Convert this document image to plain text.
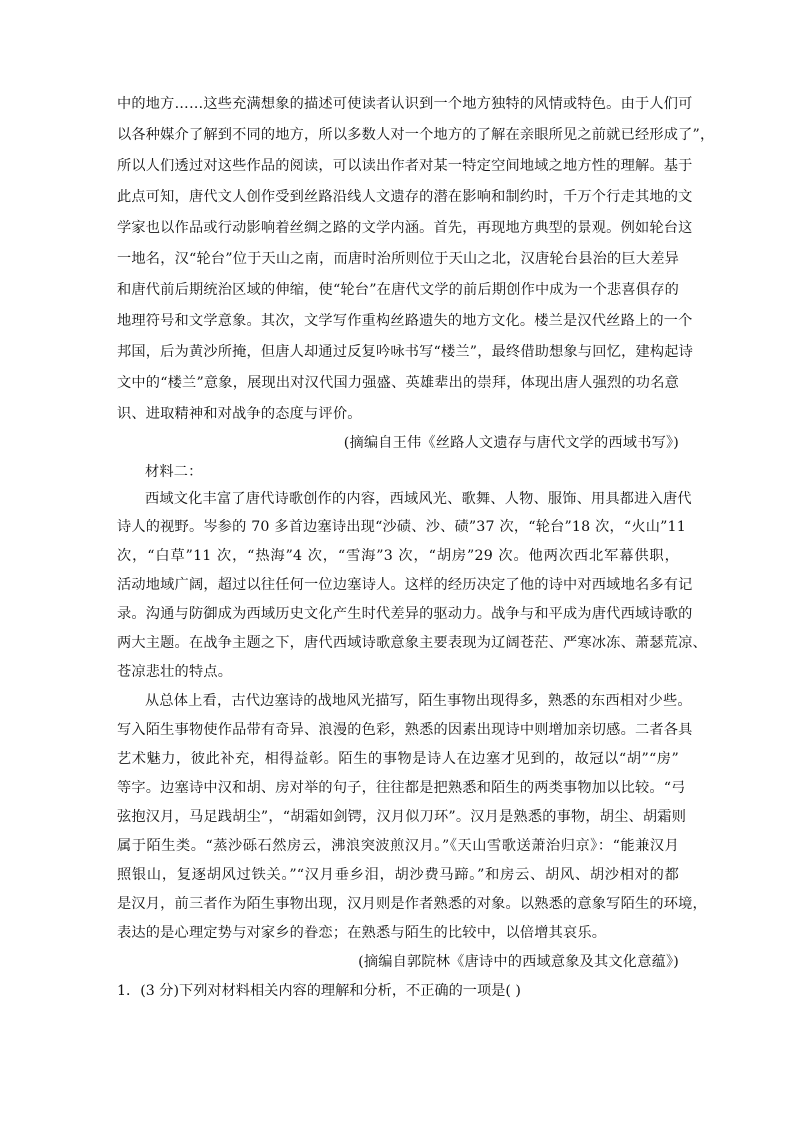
中的地方……这些充满想象的描述可使读者认识到一个地方独特的风情或特色。由于人们可
以各种媒介了解到不同的地方，所以多数人对一个地方的了解在亲眼所见之前就已经形成了”，
所以人们透过对这些作品的阅读，可以读出作者对某一特定空间地域之地方性的理解。基于
此点可知，唐代文人创作受到丝路沿线人文遗存的潜在影响和制约时，千万个行走其地的文
学家也以作品或行动影响着丝绸之路的文学内涵。首先，再现地方典型的景观。例如轮台这
一地名，汉“轮台”位于天山之南，而唐时治所则位于天山之北，汉唐轮台县治的巨大差异
和唐代前后期统治区域的伸缩，使“轮台”在唐代文学的前后期创作中成为一个悲喜俱存的
地理符号和文学意象。其次，文学写作重构丝路遗失的地方文化。楼兰是汉代丝路上的一个
邦国，后为黄沙所掩，但唐人却通过反复吟咏书写“楼兰”，最终借助想象与回忆，建构起诗
文中的“楼兰”意象，展现出对汉代国力强盛、英雄辈出的崇拜，体现出唐人强烈的功名意
识、进取精神和对战争的态度与评价。
(摘编自王伟《丝路人文遗存与唐代文学的西域书写》)
材料二：
西域文化丰富了唐代诗歌创作的内容，西域风光、歌舞、人物、服饰、用具都进入唐代
诗人的视野。岑参的 70 多首边塞诗出现“沙碛、沙、碛”37 次，“轮台”18 次，“火山”11
次，“白草”11 次，“热海”4 次，“雪海”3 次，“胡房”29 次。他两次西北军幕供职，
活动地域广阔，超过以往任何一位边塞诗人。这样的经历决定了他的诗中对西域地名多有记
录。沟通与防御成为西域历史文化产生时代差异的驱动力。战争与和平成为唐代西域诗歌的
两大主题。在战争主题之下，唐代西域诗歌意象主要表现为辽阔苍茫、严寒冰冻、萧瑟荒凉、
苍凉悲壮的特点。
从总体上看，古代边塞诗的战地风光描写，陌生事物出现得多，熟悉的东西相对少些。
写入陌生事物使作品带有奇异、浪漫的色彩，熟悉的因素出现诗中则增加亲切感。二者各具
艺术魅力，彼此补充，相得益彰。陌生的事物是诗人在边塞才见到的，故冠以“胡”“房”
等字。边塞诗中汉和胡、房对举的句子，往往都是把熟悉和陌生的两类事物加以比较。“弓
弦抱汉月，马足践胡尘”，“胡霜如剑锷，汉月似刀环”。汉月是熟悉的事物，胡尘、胡霜则
属于陌生类。“蒸沙砾石然房云，沸浪突波煎汉月。”《天山雪歌送萧治归京》：“能兼汉月
照银山，复逐胡风过铁关。”“汉月垂乡泪，胡沙费马蹄。”和房云、胡风、胡沙相对的都
是汉月，前三者作为陌生事物出现，汉月则是作者熟悉的对象。以熟悉的意象写陌生的环境，
表达的是心理定势与对家乡的眷恋；在熟悉与陌生的比较中，以倍增其哀乐。
(摘编自郭院林《唐诗中的西域意象及其文化意蕴》)
1．(3 分)下列对材料相关内容的理解和分析，不正确的一项是( )
